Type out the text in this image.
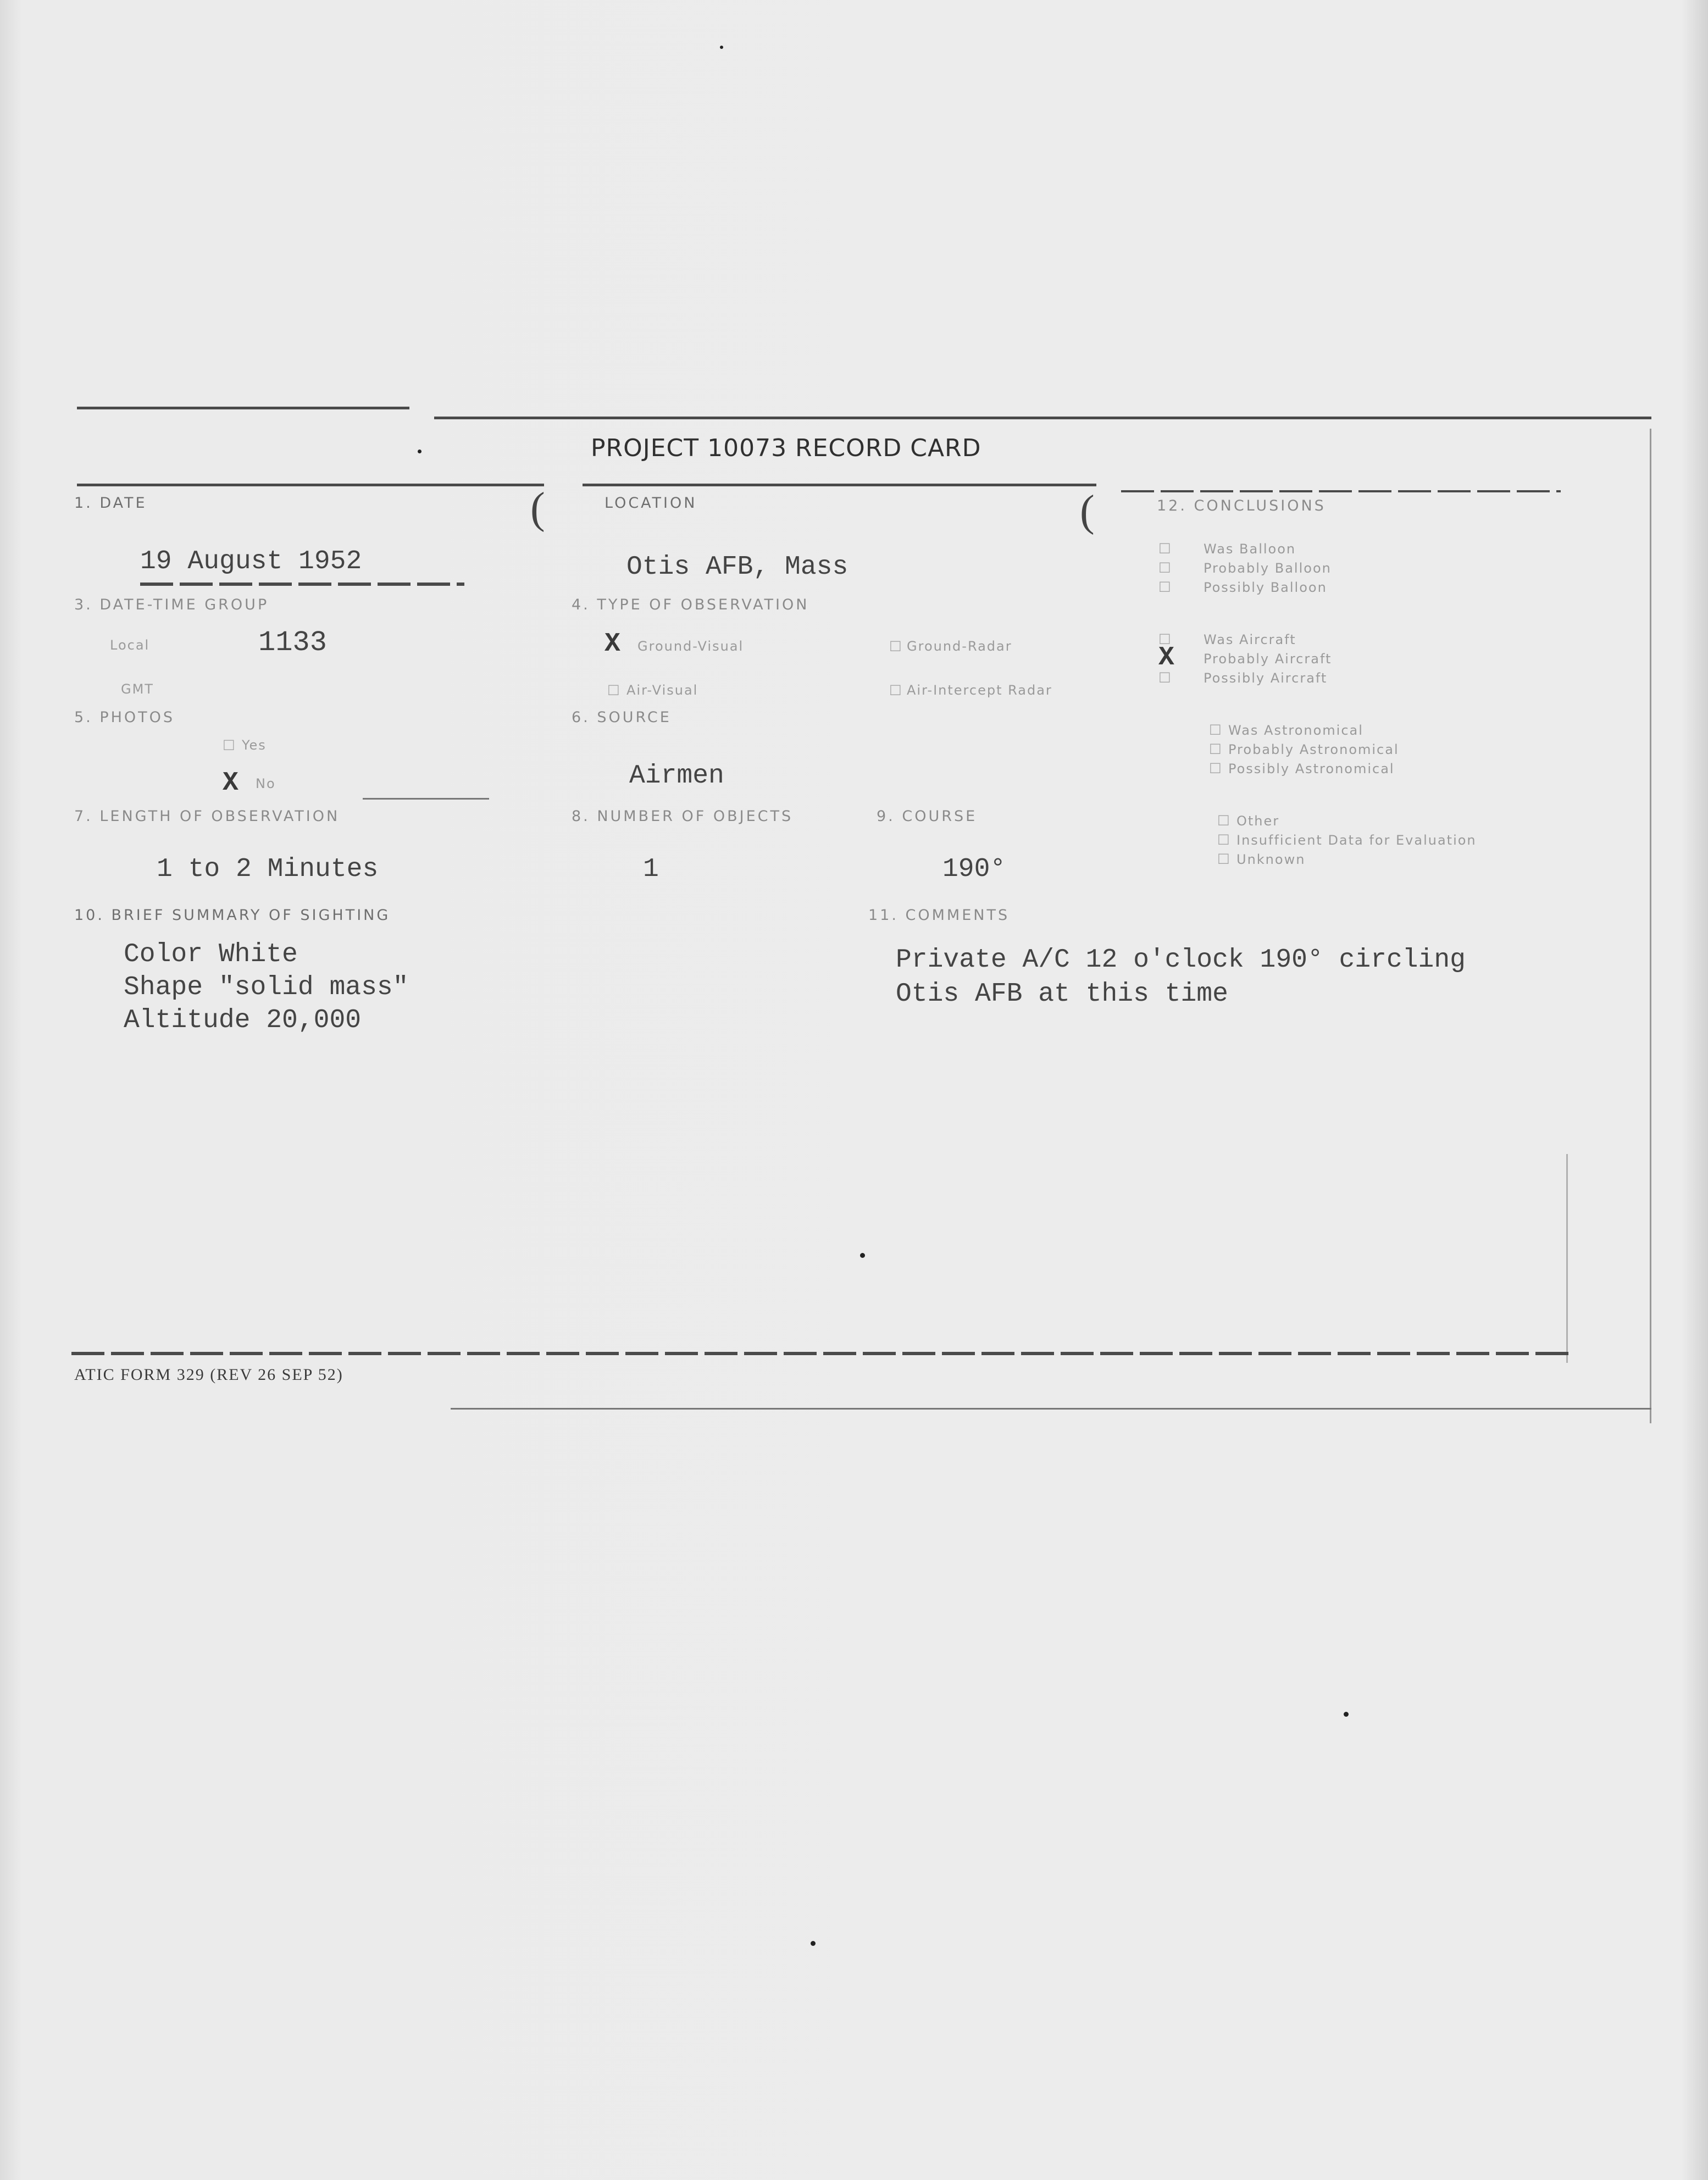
PROJECT 10073 RECORD CARD
1. DATE	(
19 August 1952
LOCATION	(
Otis AFB, Mass
3. DATE-TIME GROUP
Local	1133
GMT
4. TYPE OF OBSERVATION
X Ground-Visual	□ Ground-Radar
□ Air-Visual	□ Air-Intercept Radar
5. PHOTOS
□ Yes
X No
6. SOURCE
Airmen
7. LENGTH OF OBSERVATION	8. NUMBER OF OBJECTS	9. COURSE
1 to 2 Minutes	1	190°
10. BRIEF SUMMARY OF SIGHTING
Color White
Shape "solid mass"
Altitude 20,000
11. COMMENTS
Private A/C 12 o'clock 190° circling
Otis AFB at this time
12. CONCLUSIONS
□ Was Balloon
□ Probably Balloon
□ Possibly Balloon
□ Was Aircraft
X Probably Aircraft
□ Possibly Aircraft
□ Was Astronomical
□ Probably Astronomical
□ Possibly Astronomical
□ Other
□ Insufficient Data for Evaluation
□ Unknown
ATIC FORM 329 (REV 26 SEP 52)
